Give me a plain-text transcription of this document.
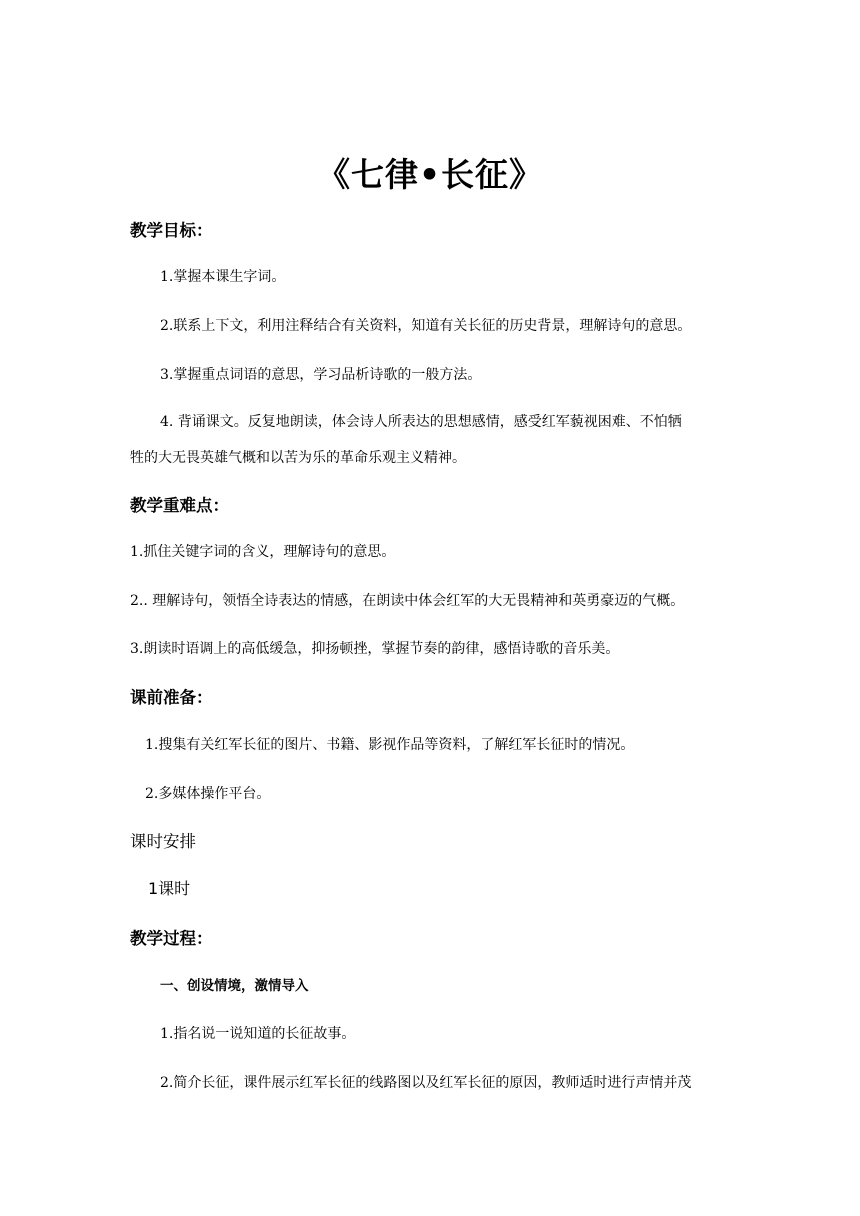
《七律•长征》
教学目标：
1.掌握本课生字词。
2.联系上下文，利用注释结合有关资料，知道有关长征的历史背景，理解诗句的意思。
3.掌握重点词语的意思，学习品析诗歌的一般方法。
4. 背诵课文。反复地朗读，体会诗人所表达的思想感情，感受红军藐视困难、不怕牺
牲的大无畏英雄气概和以苦为乐的革命乐观主义精神。
教学重难点：
1.抓住关键字词的含义，理解诗句的意思。
2.. 理解诗句，领悟全诗表达的情感，在朗读中体会红军的大无畏精神和英勇豪迈的气概。
3.朗读时语调上的高低缓急，抑扬顿挫，掌握节奏的韵律，感悟诗歌的音乐美。
课前准备：
1.搜集有关红军长征的图片、书籍、影视作品等资料，了解红军长征时的情况。
2.多媒体操作平台。
课时安排
1课时
教学过程：
一、创设情境，激情导入
1.指名说一说知道的长征故事。
2.简介长征，课件展示红军长征的线路图以及红军长征的原因，教师适时进行声情并茂
